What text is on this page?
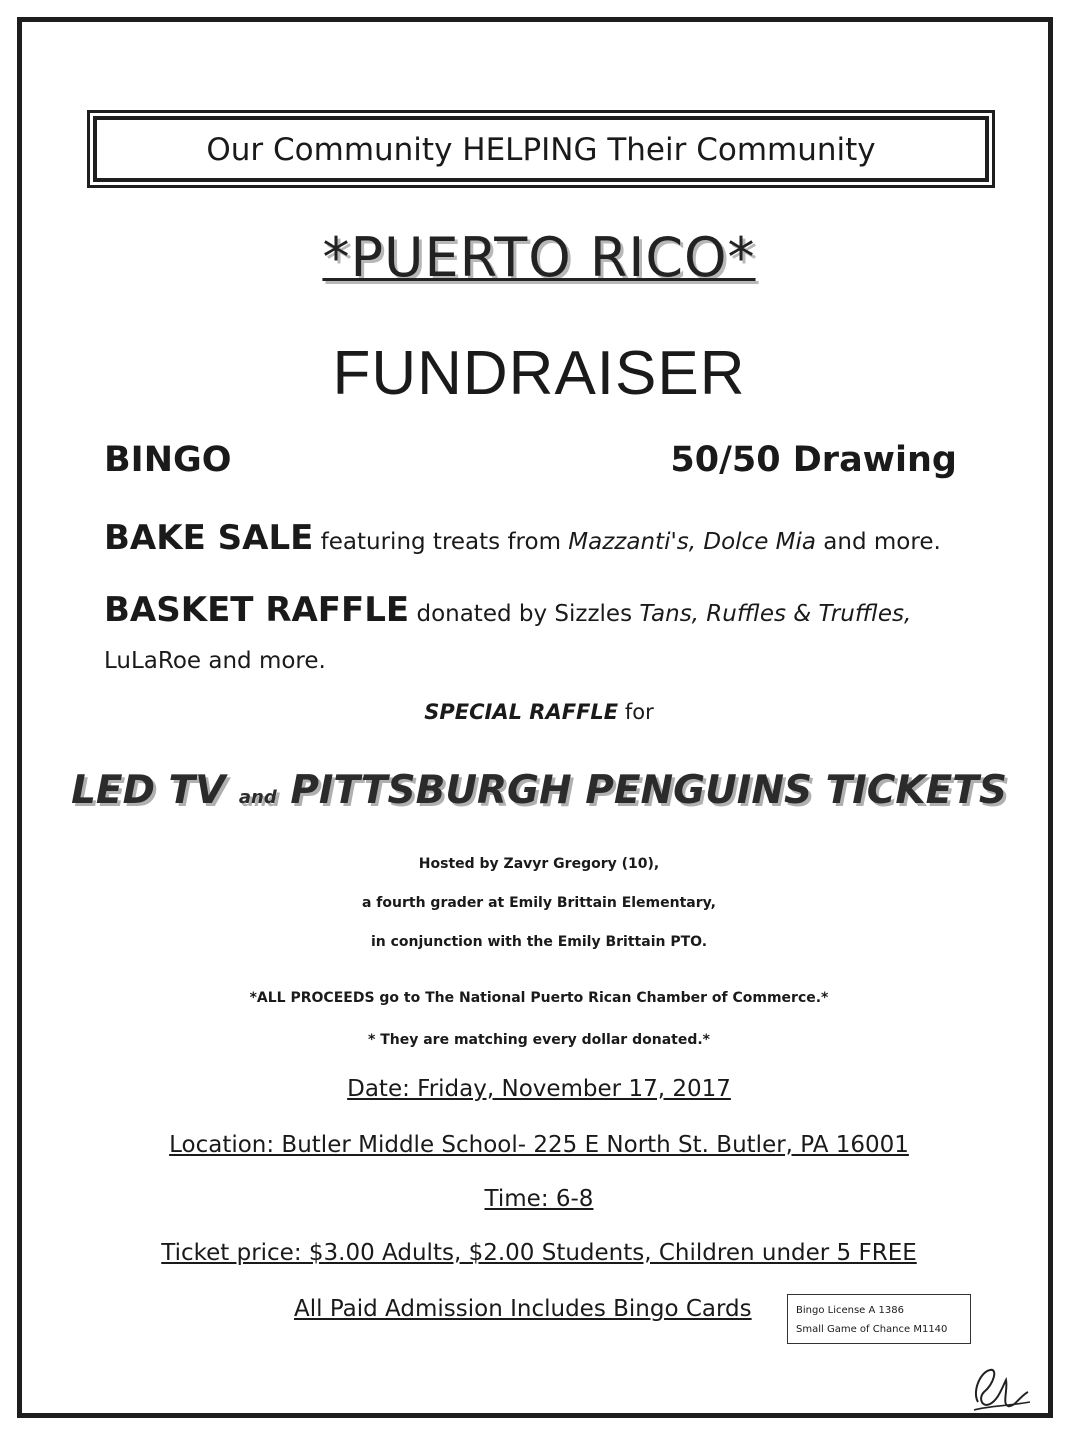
Our Community HELPING Their Community
*PUERTO RICO*
FUNDRAISER
BINGO	50/50 Drawing
BAKE SALE featuring treats from Mazzanti's, Dolce Mia and more.
BASKET RAFFLE donated by Sizzles Tans, Ruffles & Truffles,
LuLaRoe and more.
SPECIAL RAFFLE for
LED TV and PITTSBURGH PENGUINS TICKETS
Hosted by Zavyr Gregory (10),
a fourth grader at Emily Brittain Elementary,
in conjunction with the Emily Brittain PTO.
*ALL PROCEEDS go to The National Puerto Rican Chamber of Commerce.*
* They are matching every dollar donated.*
Date: Friday, November 17, 2017
Location: Butler Middle School- 225 E North St. Butler, PA 16001
Time: 6-8
Ticket price: $3.00 Adults, $2.00 Students, Children under 5 FREE
All Paid Admission Includes Bingo Cards	Bingo License A 1386
Small Game of Chance M1140
